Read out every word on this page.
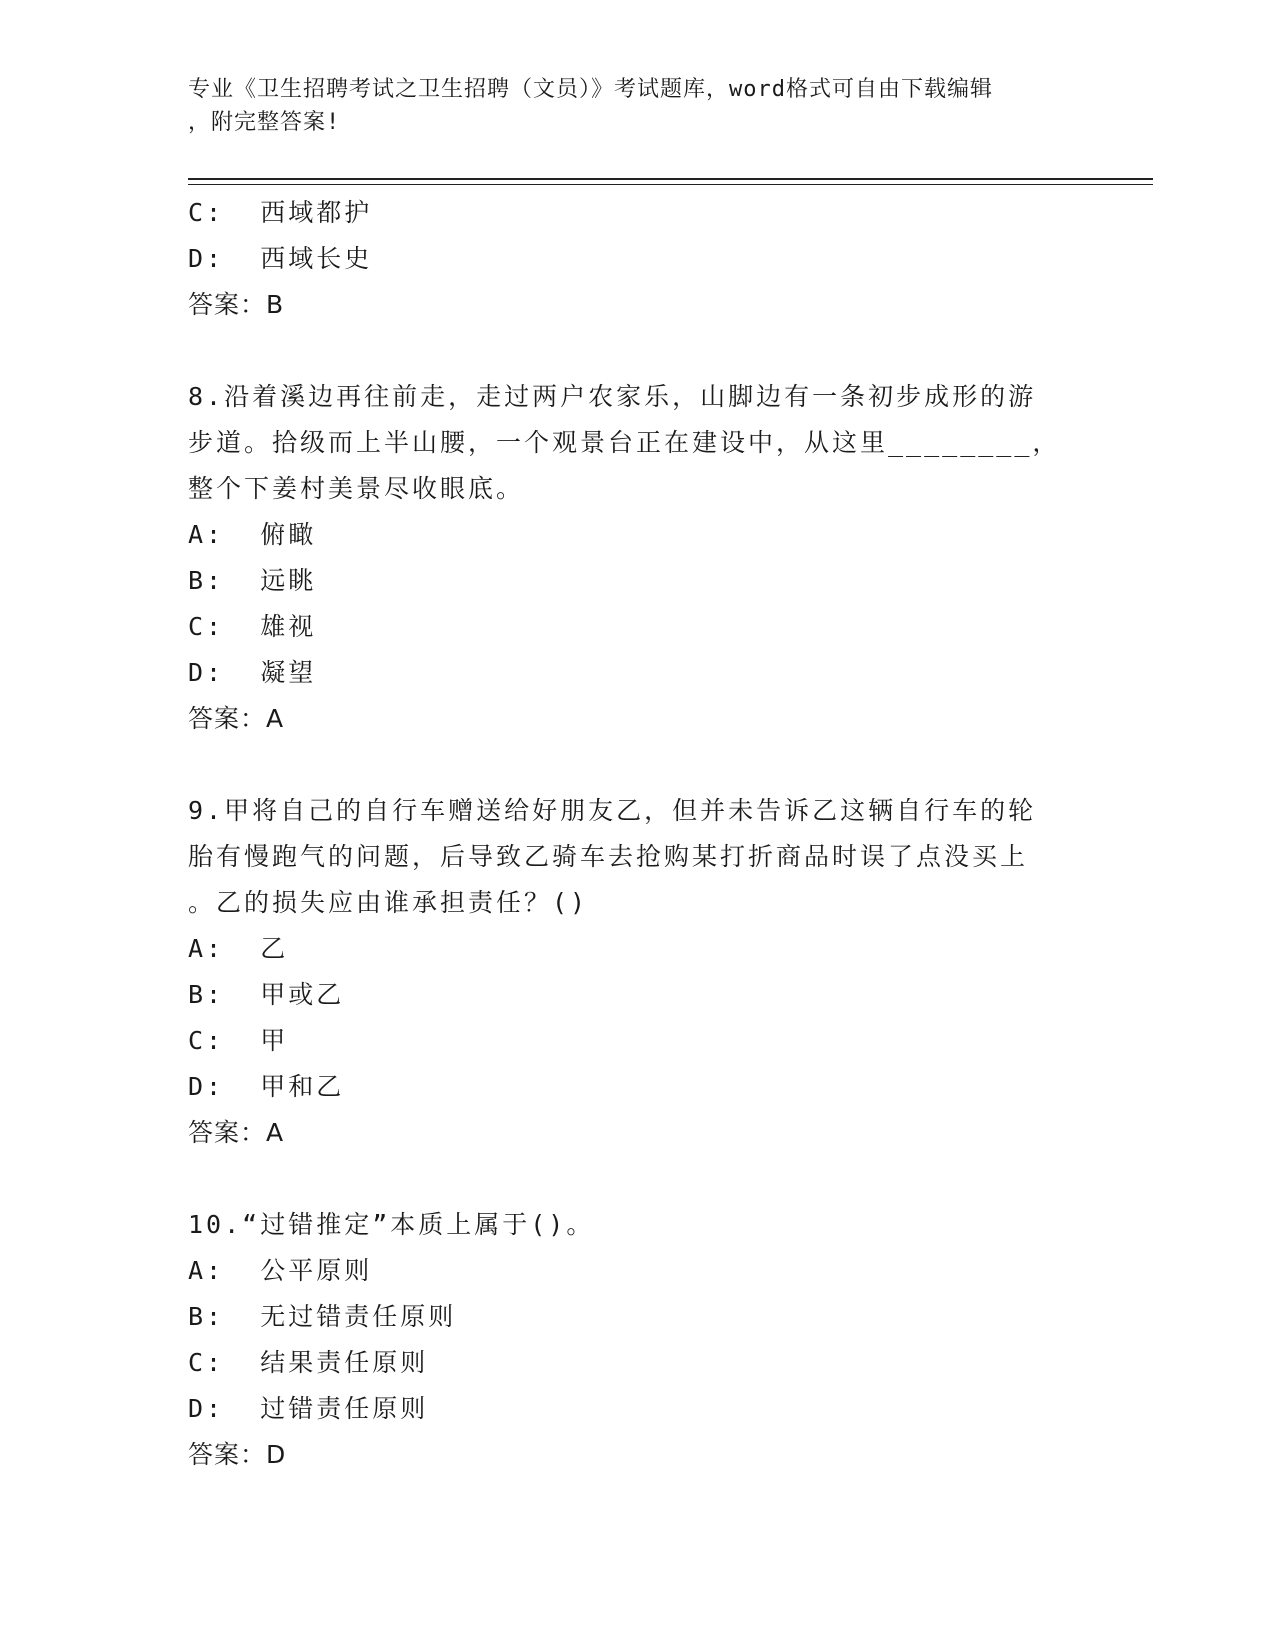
专业《卫生招聘考试之卫生招聘（文员）》考试题库，word格式可自由下载编辑
，附完整答案!

C:  西域都护

D:  西域长史

答案：B

8.沿着溪边再往前走，走过两户农家乐，山脚边有一条初步成形的游

步道。拾级而上半山腰，一个观景台正在建设中，从这里________，

整个下姜村美景尽收眼底。

A:  俯瞰

B:  远眺

C:  雄视

D:  凝望

答案：A

9.甲将自己的自行车赠送给好朋友乙，但并未告诉乙这辆自行车的轮

胎有慢跑气的问题，后导致乙骑车去抢购某打折商品时误了点没买上

。乙的损失应由谁承担责任？()

A:  乙

B:  甲或乙

C:  甲

D:  甲和乙

答案：A

10.“过错推定”本质上属于()。

A:  公平原则

B:  无过错责任原则

C:  结果责任原则

D:  过错责任原则

答案：D
